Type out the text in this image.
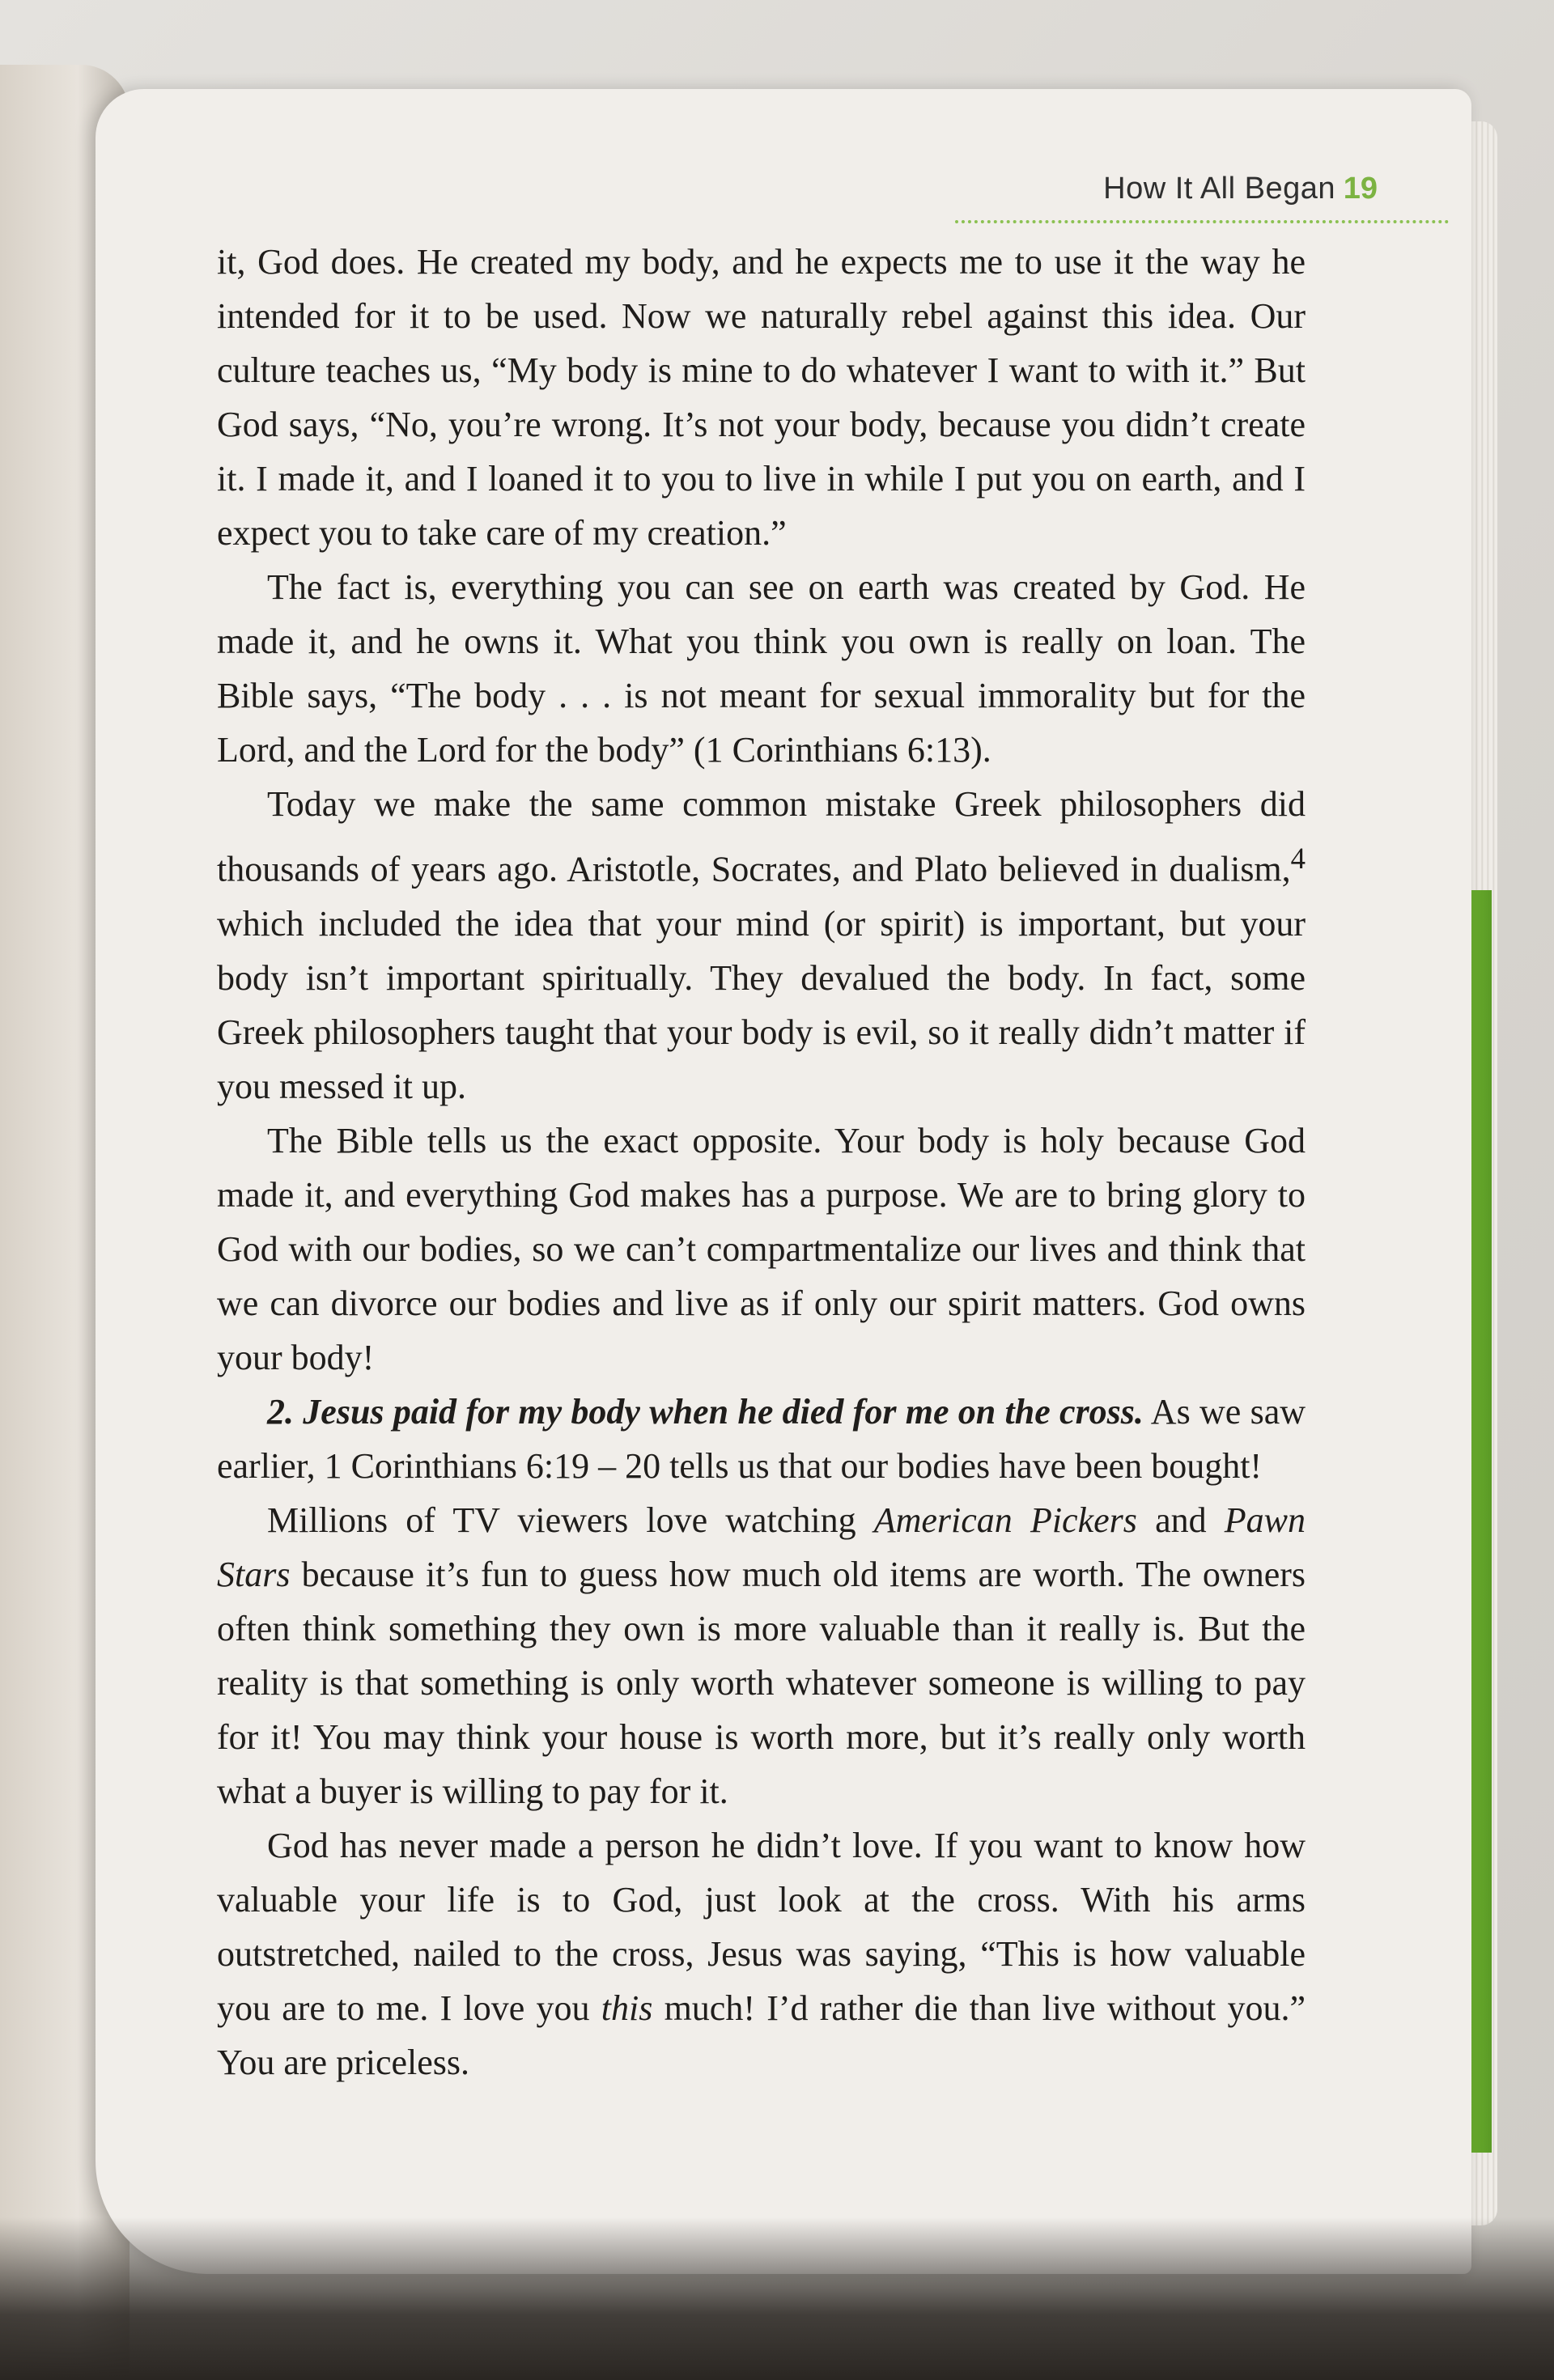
How It All Began 19

it, God does. He created my body, and he expects me to use it the way he intended for it to be used. Now we naturally rebel against this idea. Our culture teaches us, “My body is mine to do whatever I want to with it.” But God says, “No, you’re wrong. It’s not your body, because you didn’t create it. I made it, and I loaned it to you to live in while I put you on earth, and I expect you to take care of my creation.”

The fact is, everything you can see on earth was created by God. He made it, and he owns it. What you think you own is really on loan. The Bible says, “The body . . . is not meant for sexual immorality but for the Lord, and the Lord for the body” (1 Corinthians 6:13).

Today we make the same common mistake Greek philosophers did thousands of years ago. Aristotle, Socrates, and Plato believed in dualism,$^4$ which included the idea that your mind (or spirit) is important, but your body isn’t important spiritually. They devalued the body. In fact, some Greek philosophers taught that your body is evil, so it really didn’t matter if you messed it up.

The Bible tells us the exact opposite. Your body is holy because God made it, and everything God makes has a purpose. We are to bring glory to God with our bodies, so we can’t compartmentalize our lives and think that we can divorce our bodies and live as if only our spirit matters. God owns your body!

2. Jesus paid for my body when he died for me on the cross. As we saw earlier, 1 Corinthians 6:19 – 20 tells us that our bodies have been bought!

Millions of TV viewers love watching American Pickers and Pawn Stars because it’s fun to guess how much old items are worth. The owners often think something they own is more valuable than it really is. But the reality is that something is only worth whatever someone is willing to pay for it! You may think your house is worth more, but it’s really only worth what a buyer is willing to pay for it.

God has never made a person he didn’t love. If you want to know how valuable your life is to God, just look at the cross. With his arms outstretched, nailed to the cross, Jesus was saying, “This is how valuable you are to me. I love you this much! I’d rather die than live without you.” You are priceless.
